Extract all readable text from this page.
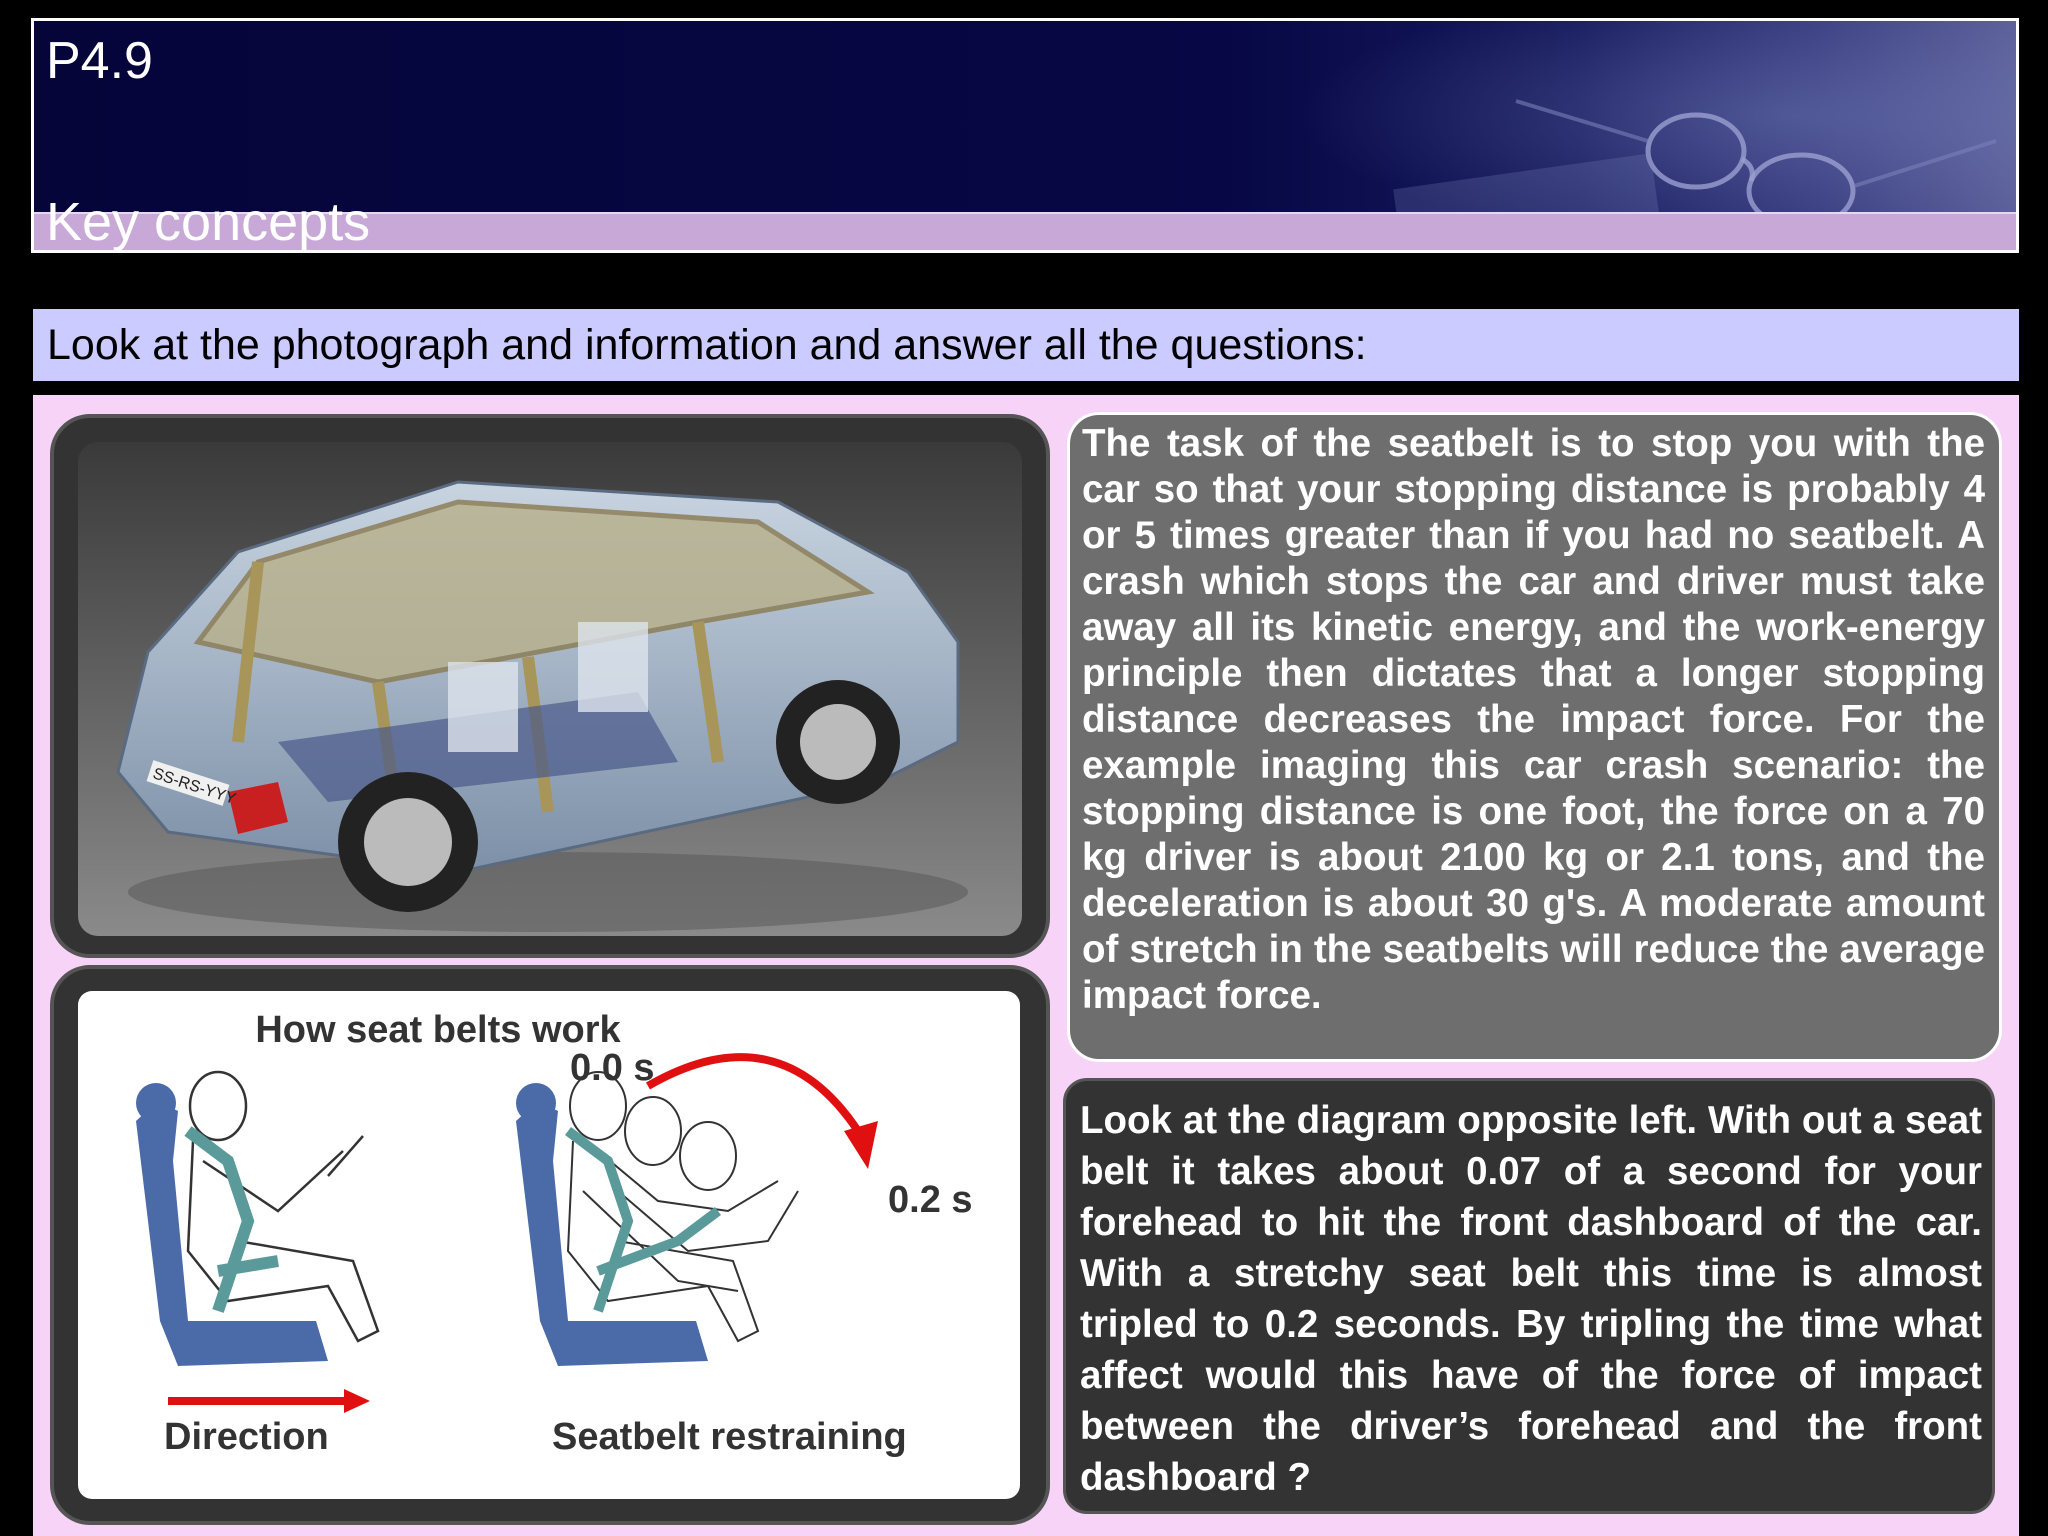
P4.9
Key concepts
Look at the photograph and information and answer all the questions:
SS-RS-YYY
How seat belts work
0.0 s
0.2 s
Direction	Seatbelt restraining
The task of the seatbelt is to stop you with the car so that your stopping distance is probably 4 or 5 times greater than if you had no seatbelt. A crash which stops the car and driver must take away all its kinetic energy, and the work-energy principle then dictates that a longer stopping distance decreases the impact force. For the example imaging this car crash scenario: the stopping distance is one foot, the force on a 70 kg driver is about 2100 kg or 2.1 tons, and the deceleration is about 30 g's. A moderate amount of stretch in the seatbelts will reduce the average impact force.
Look at the diagram opposite left. With out a seat belt it takes about 0.07 of a second for your forehead to hit the front dashboard of the car. With a stretchy seat belt this time is almost tripled to 0.2 seconds. By tripling the time what affect would this have of the force of impact between the driver’s forehead and the front dashboard ?
